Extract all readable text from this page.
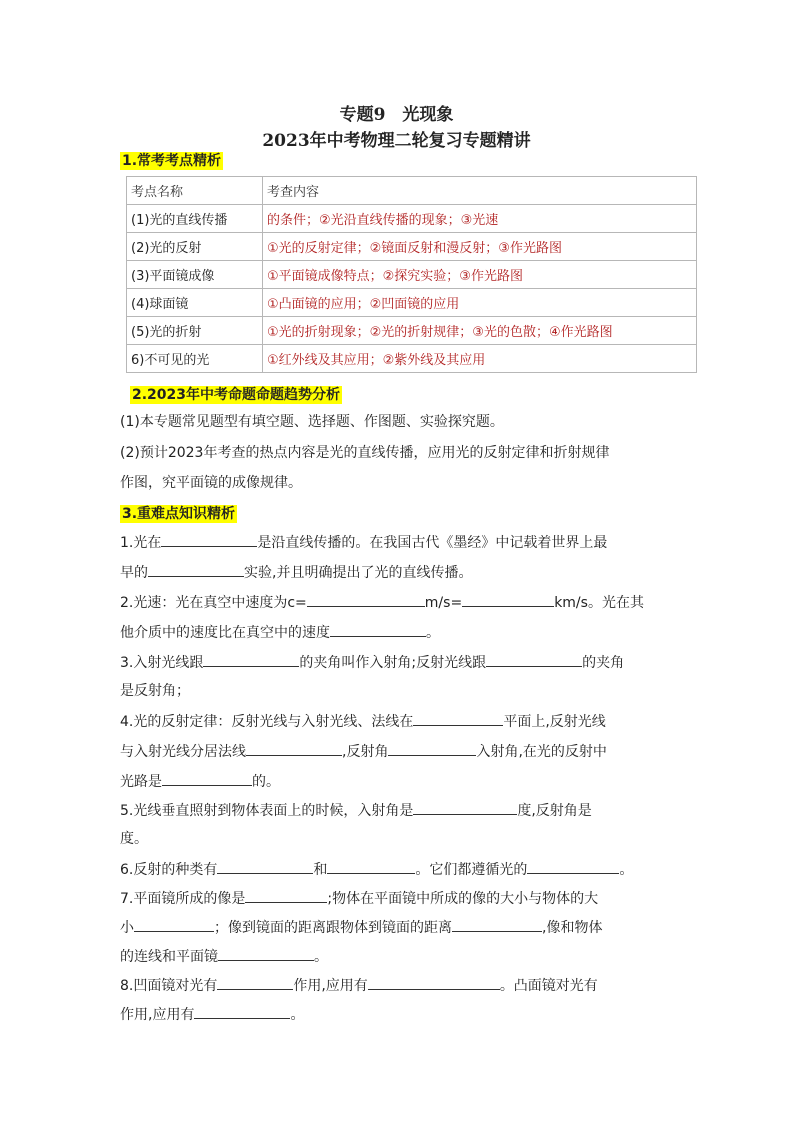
专题9　光现象
2023年中考物理二轮复习专题精讲
1.常考考点精析
考点名称	考查内容
(1)光的直线传播	的条件；②光沿直线传播的现象；③光速
(2)光的反射	①光的反射定律；②镜面反射和漫反射；③作光路图
(3)平面镜成像	①平面镜成像特点；②探究实验；③作光路图
(4)球面镜	①凸面镜的应用；②凹面镜的应用
(5)光的折射	①光的折射现象；②光的折射规律；③光的色散；④作光路图
6)不可见的光	①红外线及其应用；②紫外线及其应用
2.2023年中考命题命题趋势分析
(1)本专题常见题型有填空题、选择题、作图题、实验探究题。
(2)预计2023年考查的热点内容是光的直线传播，应用光的反射定律和折射规律
作图，究平面镜的成像规律。
3.重难点知识精析
1.光在	是沿直线传播的。在我国古代《墨经》中记载着世界上最
早的	实验,并且明确提出了光的直线传播。
2.光速：光在真空中速度为c=	m/s=	km/s。光在其
他介质中的速度比在真空中的速度	。
3.入射光线跟	的夹角叫作入射角;反射光线跟	的夹角
是反射角；
4.光的反射定律：反射光线与入射光线、法线在	平面上,反射光线
与入射光线分居法线	,反射角	入射角,在光的反射中
光路是	的。
5.光线垂直照射到物体表面上的时候，入射角是	度,反射角是
度。
6.反射的种类有	和	。它们都遵循光的	。
7.平面镜所成的像是	;物体在平面镜中所成的像的大小与物体的大
小	；像到镜面的距离跟物体到镜面的距离	,像和物体
的连线和平面镜	。
8.凹面镜对光有	作用,应用有	。凸面镜对光有
作用,应用有	。
